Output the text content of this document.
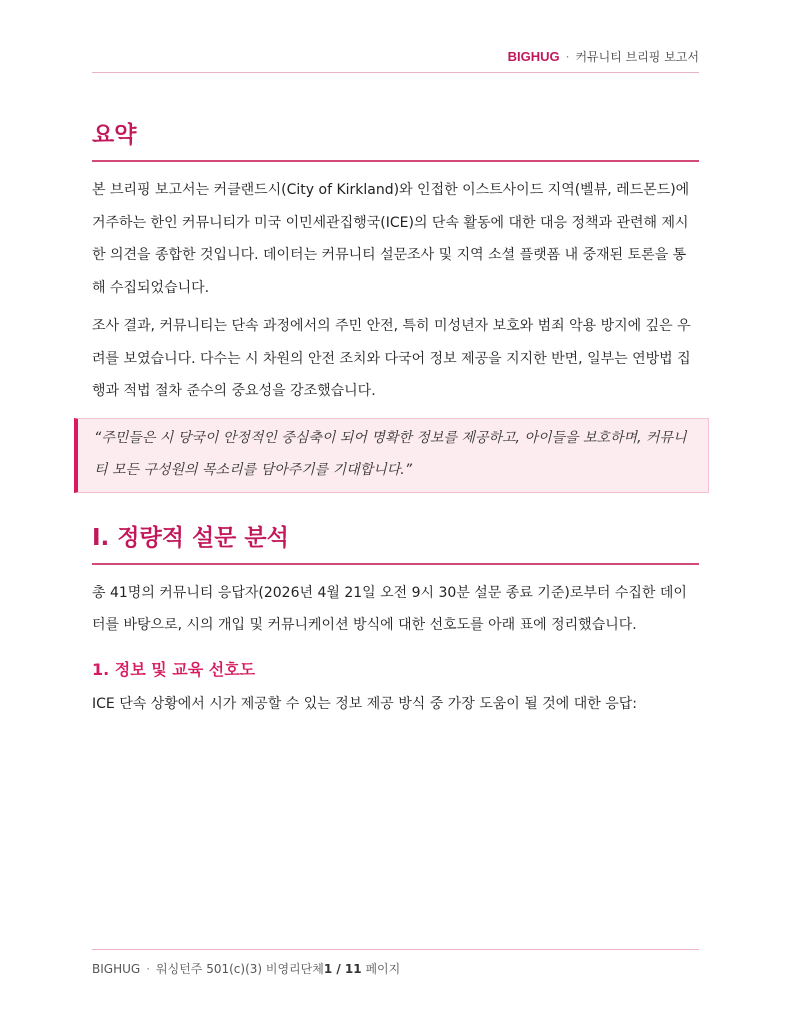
BIGHUG · 커뮤니티 브리핑 보고서
요약

본 브리핑 보고서는 커클랜드시(City of Kirkland)와 인접한 이스트사이드 지역(벨뷰, 레드몬드)에 거주하는 한인 커뮤니티가 미국 이민세관집행국(ICE)의 단속 활동에 대한 대응 정책과 관련해 제시한 의견을 종합한 것입니다. 데이터는 커뮤니티 설문조사 및 지역 소셜 플랫폼 내 중재된 토론을 통해 수집되었습니다.

조사 결과, 커뮤니티는 단속 과정에서의 주민 안전, 특히 미성년자 보호와 범죄 악용 방지에 깊은 우려를 보였습니다. 다수는 시 차원의 안전 조치와 다국어 정보 제공을 지지한 반면, 일부는 연방법 집행과 적법 절차 준수의 중요성을 강조했습니다.

“주민들은 시 당국이 안정적인 중심축이 되어 명확한 정보를 제공하고, 아이들을 보호하며, 커뮤니티 모든 구성원의 목소리를 담아주기를 기대합니다.”
I. 정량적 설문 분석

총 41명의 커뮤니티 응답자(2026년 4월 21일 오전 9시 30분 설문 종료 기준)로부터 수집한 데이터를 바탕으로, 시의 개입 및 커뮤니케이션 방식에 대한 선호도를 아래 표에 정리했습니다.

1. 정보 및 교육 선호도

ICE 단속 상황에서 시가 제공할 수 있는 정보 제공 방식 중 가장 도움이 될 것에 대한 응답:

BIGHUG · 워싱턴주 501(c)(3) 비영리단체1 / 11 페이지
